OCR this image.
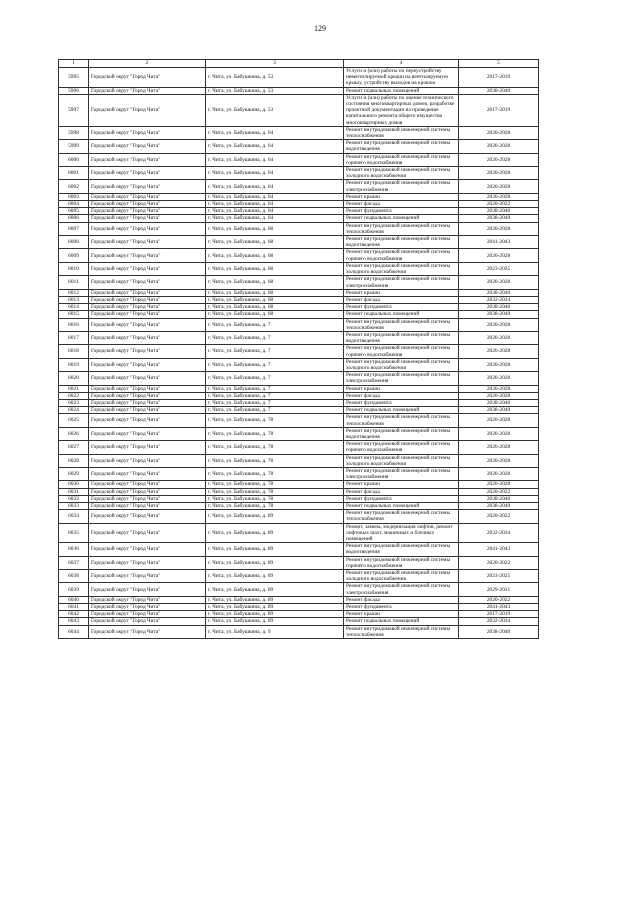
129
1	2	3	4	5
5995	Городской округ "Город Чита"	г. Чита, ул. Бабушкина, д. 53	Услуги и (или) работы по переустройству невентилируемой крыши на вентилируемую крышу, устройству выходов на кровлю	2017-2019
5996	Городской округ "Город Чита"	г. Чита, ул. Бабушкина, д. 53	Ремонт подвальных помещений	2038-2040
5997	Городской округ "Город Чита"	г. Чита, ул. Бабушкина, д. 53	Услуги и (или) работы по оценке технического состояния многоквартирных домов, разработке проектной документации на проведение капитального ремонта общего имущества многоквартирных домов	2017-2019
5998	Городской округ "Город Чита"	г. Чита, ул. Бабушкина, д. 64	Ремонт внутридомовой инженерной системы теплоснабжения	2026-2028
5999	Городской округ "Город Чита"	г. Чита, ул. Бабушкина, д. 64	Ремонт внутридомовой инженерной системы водоотведения	2026-2028
6000	Городской округ "Город Чита"	г. Чита, ул. Бабушкина, д. 64	Ремонт внутридомовой инженерной системы горячего водоснабжения	2026-2028
6001	Городской округ "Город Чита"	г. Чита, ул. Бабушкина, д. 64	Ремонт внутридомовой инженерной системы холодного водоснабжения	2026-2028
6002	Городской округ "Город Чита"	г. Чита, ул. Бабушкина, д. 64	Ремонт внутридомовой инженерной системы электроснабжения	2026-2028
6003	Городской округ "Город Чита"	г. Чита, ул. Бабушкина, д. 64	Ремонт крыши	2026-2028
6004	Городской округ "Город Чита"	г. Чита, ул. Бабушкина, д. 64	Ремонт фасада	2020-2022
6005	Городской округ "Город Чита"	г. Чита, ул. Бабушкина, д. 64	Ремонт фундамента	2038-2040
6006	Городской округ "Город Чита"	г. Чита, ул. Бабушкина, д. 64	Ремонт подвальных помещений	2038-2040
6007	Городской округ "Город Чита"	г. Чита, ул. Бабушкина, д. 68	Ремонт внутридомовой инженерной системы теплоснабжения	2026-2028
6008	Городской округ "Город Чита"	г. Чита, ул. Бабушкина, д. 68	Ремонт внутридомовой инженерной системы водоотведения	2041-2043
6009	Городской округ "Город Чита"	г. Чита, ул. Бабушкина, д. 68	Ремонт внутридомовой инженерной системы горячего водоснабжения	2026-2028
6010	Городской округ "Город Чита"	г. Чита, ул. Бабушкина, д. 68	Ремонт внутридомовой инженерной системы холодного водоснабжения	2023-2025
6011	Городской округ "Город Чита"	г. Чита, ул. Бабушкина, д. 68	Ремонт внутридомовой инженерной системы электроснабжения	2026-2028
6012	Городской округ "Город Чита"	г. Чита, ул. Бабушкина, д. 68	Ремонт крыши	2038-2040
6013	Городской округ "Город Чита"	г. Чита, ул. Бабушкина, д. 68	Ремонт фасада	2032-2034
6014	Городской округ "Город Чита"	г. Чита, ул. Бабушкина, д. 68	Ремонт фундамента	2038-2040
6015	Городской округ "Город Чита"	г. Чита, ул. Бабушкина, д. 68	Ремонт подвальных помещений	2038-2040
6016	Городской округ "Город Чита"	г. Чита, ул. Бабушкина, д. 7	Ремонт внутридомовой инженерной системы теплоснабжения	2026-2028
6017	Городской округ "Город Чита"	г. Чита, ул. Бабушкина, д. 7	Ремонт внутридомовой инженерной системы водоотведения	2026-2028
6018	Городской округ "Город Чита"	г. Чита, ул. Бабушкина, д. 7	Ремонт внутридомовой инженерной системы горячего водоснабжения	2026-2028
6019	Городской округ "Город Чита"	г. Чита, ул. Бабушкина, д. 7	Ремонт внутридомовой инженерной системы холодного водоснабжения	2026-2028
6020	Городской округ "Город Чита"	г. Чита, ул. Бабушкина, д. 7	Ремонт внутридомовой инженерной системы электроснабжения	2026-2028
6021	Городской округ "Город Чита"	г. Чита, ул. Бабушкина, д. 7	Ремонт крыши	2026-2028
6022	Городской округ "Город Чита"	г. Чита, ул. Бабушкина, д. 7	Ремонт фасада	2026-2028
6023	Городской округ "Город Чита"	г. Чита, ул. Бабушкина, д. 7	Ремонт фундамента	2038-2040
6024	Городской округ "Город Чита"	г. Чита, ул. Бабушкина, д. 7	Ремонт подвальных помещений	2038-2040
6025	Городской округ "Город Чита"	г. Чита, ул. Бабушкина, д. 78	Ремонт внутридомовой инженерной системы теплоснабжения	2026-2028
6026	Городской округ "Город Чита"	г. Чита, ул. Бабушкина, д. 78	Ремонт внутридомовой инженерной системы водоотведения	2026-2028
6027	Городской округ "Город Чита"	г. Чита, ул. Бабушкина, д. 78	Ремонт внутридомовой инженерной системы горячего водоснабжения	2026-2028
6028	Городской округ "Город Чита"	г. Чита, ул. Бабушкина, д. 78	Ремонт внутридомовой инженерной системы холодного водоснабжения	2026-2028
6029	Городской округ "Город Чита"	г. Чита, ул. Бабушкина, д. 78	Ремонт внутридомовой инженерной системы электроснабжения	2026-2028
6030	Городской округ "Город Чита"	г. Чита, ул. Бабушкина, д. 78	Ремонт крыши	2026-2028
6031	Городской округ "Город Чита"	г. Чита, ул. Бабушкина, д. 78	Ремонт фасада	2020-2022
6032	Городской округ "Город Чита"	г. Чита, ул. Бабушкина, д. 78	Ремонт фундамента	2038-2040
6033	Городской округ "Город Чита"	г. Чита, ул. Бабушкина, д. 78	Ремонт подвальных помещений	2038-2040
6034	Городской округ "Город Чита"	г. Чита, ул. Бабушкина, д. 89	Ремонт внутридомовой инженерной системы теплоснабжения	2020-2022
6035	Городской округ "Город Чита"	г. Чита, ул. Бабушкина, д. 89	Ремонт, замена, модернизация лифтов, ремонт лифтовых шахт, машинных и блочных помещений	2032-2034
6036	Городской округ "Город Чита"	г. Чита, ул. Бабушкина, д. 89	Ремонт внутридомовой инженерной системы водоотведения	2041-2043
6037	Городской округ "Город Чита"	г. Чита, ул. Бабушкина, д. 89	Ремонт внутридомовой инженерной системы горячего водоснабжения	2020-2022
6038	Городской округ "Город Чита"	г. Чита, ул. Бабушкина, д. 89	Ремонт внутридомовой инженерной системы холодного водоснабжения	2023-2025
6039	Городской округ "Город Чита"	г. Чита, ул. Бабушкина, д. 89	Ремонт внутридомовой инженерной системы электроснабжения	2029-2031
6040	Городской округ "Город Чита"	г. Чита, ул. Бабушкина, д. 89	Ремонт фасада	2020-2022
6041	Городской округ "Город Чита"	г. Чита, ул. Бабушкина, д. 89	Ремонт фундамента	2041-2043
6042	Городской округ "Город Чита"	г. Чита, ул. Бабушкина, д. 89	Ремонт крыши	2017-2019
6043	Городской округ "Город Чита"	г. Чита, ул. Бабушкина, д. 89	Ремонт подвальных помещений	2032-2034
6044	Городской округ "Город Чита"	г. Чита, ул. Бабушкина, д. 9	Ремонт внутридомовой инженерной системы теплоснабжения	2038-2040
